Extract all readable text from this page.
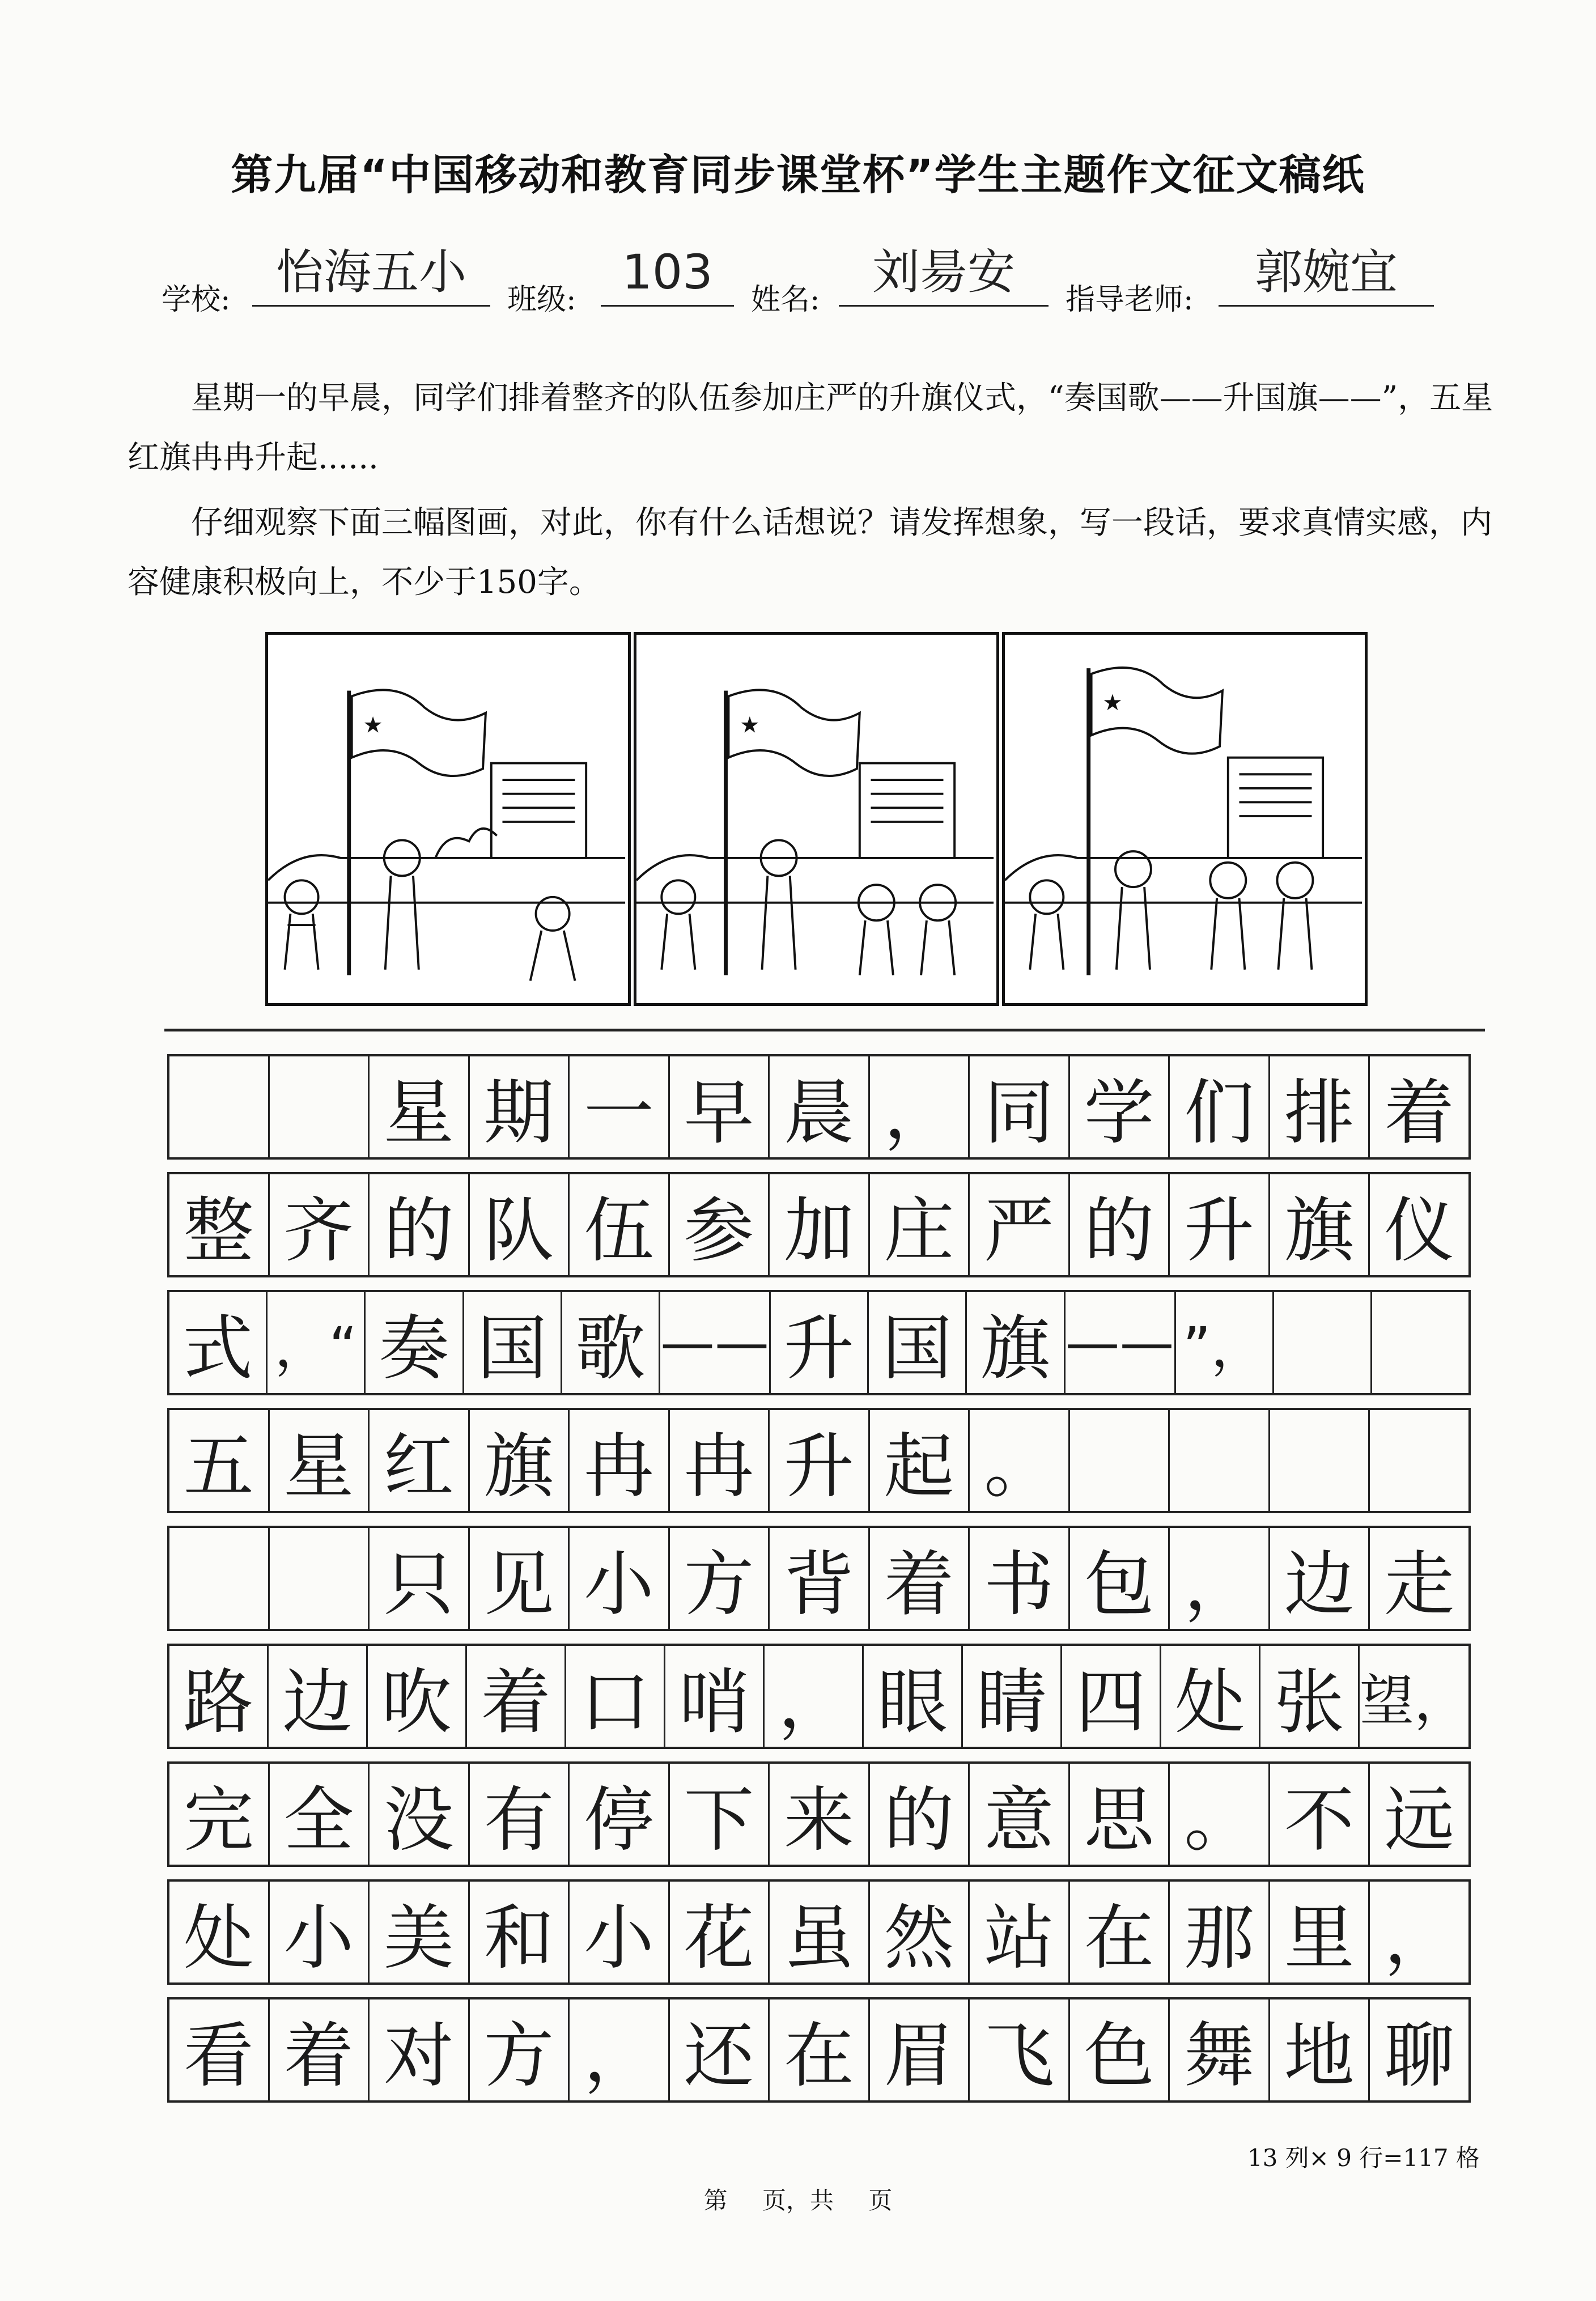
第九届“中国移动和教育同步课堂杯”学生主题作文征文稿纸
学校: 怡海五小	班级: 103	姓名:	刘昜安	指导老师:	郭婉宜
星期一的早晨，同学们排着整齐的队伍参加庄严的升旗仪式，“奏国歌——升国旗——”，五星红旗冉冉升起......
仔细观察下面三幅图画，对此，你有什么话想说？请发挥想象，写一段话，要求真情实感，内容健康积极向上，不少于150字。
★	★
★
星 期 一 早 晨 ， 同 学 们 排 着
整 齐 的 队 伍 参 加 庄 严 的 升 旗 仪
式 ，“ 奏 国 歌 —— 升 国 旗 —— ”，
五 星 红 旗 冉 冉 升 起 。
只 见 小 方 背 着 书 包 ， 边 走
路 边 吹 着 口 哨 ， 眼 睛 四 处 张 望，
完 全 没 有 停 下 来 的 意 思 。 不 远
处 小 美 和 小 花 虽 然 站 在 那 里 ，
看 着 对 方 ， 还 在 眉 飞 色 舞 地 聊
13 列× 9 行=117 格
第 页，共 页
